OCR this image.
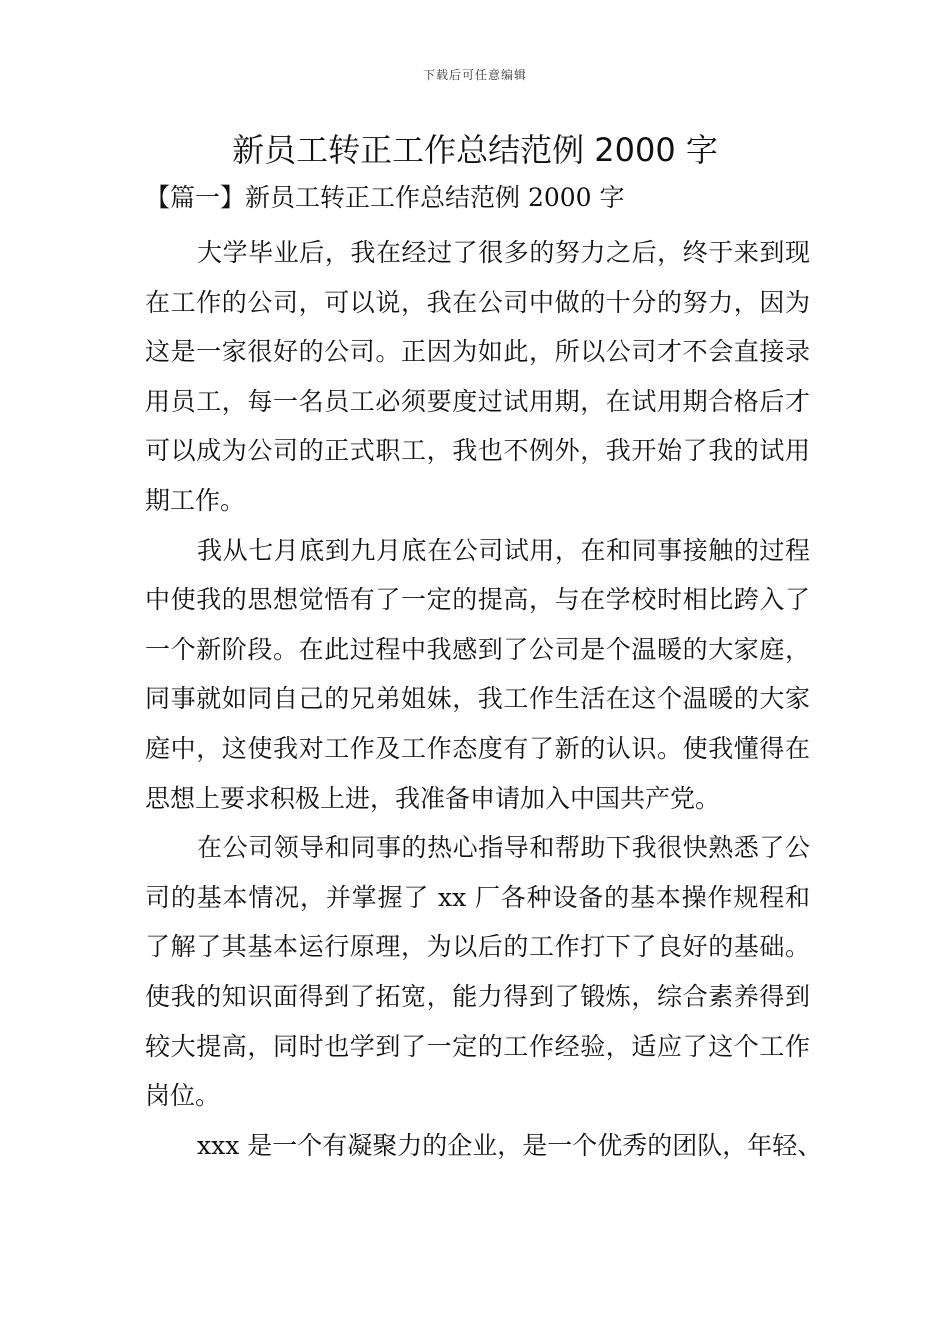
下载后可任意编辑
新员工转正工作总结范例 2000 字
【篇一】新员工转正工作总结范例 2000 字

大学毕业后，我在经过了很多的努力之后，终于来到现在工作的公司，可以说，我在公司中做的十分的努力，因为这是一家很好的公司。正因为如此，所以公司才不会直接录用员工，每一名员工必须要度过试用期，在试用期合格后才可以成为公司的正式职工，我也不例外，我开始了我的试用期工作。

我从七月底到九月底在公司试用，在和同事接触的过程中使我的思想觉悟有了一定的提高，与在学校时相比跨入了一个新阶段。在此过程中我感到了公司是个温暖的大家庭，同事就如同自己的兄弟姐妹，我工作生活在这个温暖的大家庭中，这使我对工作及工作态度有了新的认识。使我懂得在思想上要求积极上进，我准备申请加入中国共产党。

在公司领导和同事的热心指导和帮助下我很快熟悉了公司的基本情况，并掌握了 xx 厂各种设备的基本操作规程和了解了其基本运行原理，为以后的工作打下了良好的基础。使我的知识面得到了拓宽，能力得到了锻炼，综合素养得到较大提高，同时也学到了一定的工作经验，适应了这个工作岗位。

xxx 是一个有凝聚力的企业，是一个优秀的团队，年轻、
